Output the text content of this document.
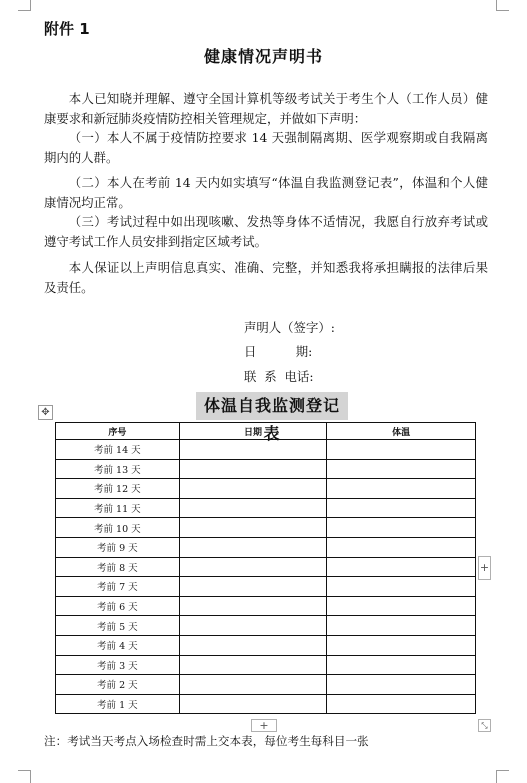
附件 1
健康情况声明书

本人已知晓并理解、遵守全国计算机等级考试关于考生个人（工作人员）健康要求和新冠肺炎疫情防控相关管理规定，并做如下声明：

（一）本人不属于疫情防控要求 14 天强制隔离期、医学观察期或自我隔离期内的人群。

（二）本人在考前 14 天内如实填写“体温自我监测登记表”，体温和个人健康情况均正常。

（三）考试过程中如出现咳嗽、发热等身体不适情况，我愿自行放弃考试或遵守考试工作人员安排到指定区域考试。

本人保证以上声明信息真实、准确、完整，并知悉我将承担瞒报的法律后果及责任。

声明人（签字）:
日          期:
联  系  电话:
✥	体温自我监测登记表
序号	日期	体温
考前 14 天		
考前 13 天		
考前 12 天		
考前 11 天		
考前 10 天		
考前 9 天		
考前 8 天		
考前 7 天		
考前 6 天		
考前 5 天		
考前 4 天		
考前 3 天		
考前 2 天		
考前 1 天		
+
+	⤡
注：考试当天考点入场检查时需上交本表，每位考生每科目一张
